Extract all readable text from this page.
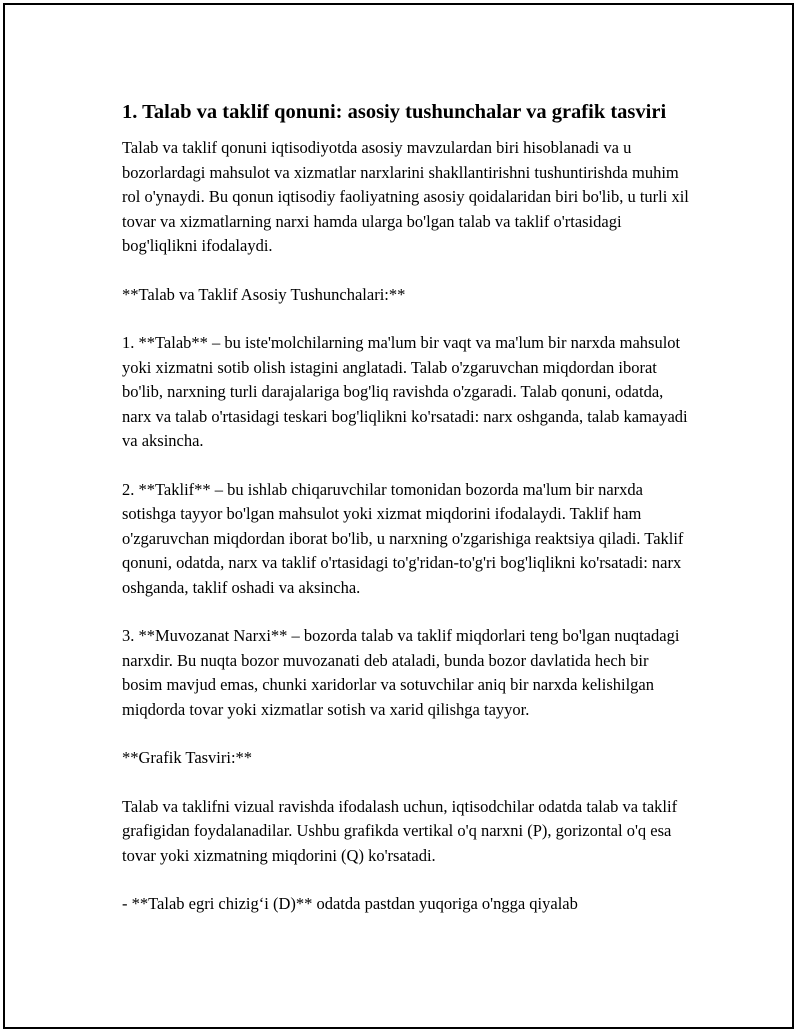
1. Talab va taklif qonuni: asosiy tushunchalar va grafik tasviri

Talab va taklif qonuni iqtisodiyotda asosiy mavzulardan biri hisoblanadi va u bozorlardagi mahsulot va xizmatlar narxlarini shakllantirishni tushuntirishda muhim rol o'ynaydi. Bu qonun iqtisodiy faoliyatning asosiy qoidalaridan biri bo'lib, u turli xil tovar va xizmatlarning narxi hamda ularga bo'lgan talab va taklif o'rtasidagi bog'liqlikni ifodalaydi.

**Talab va Taklif Asosiy Tushunchalari:**

1. **Talab** – bu iste'molchilarning ma'lum bir vaqt va ma'lum bir narxda mahsulot yoki xizmatni sotib olish istagini anglatadi. Talab o'zgaruvchan miqdordan iborat bo'lib, narxning turli darajalariga bog'liq ravishda o'zgaradi. Talab qonuni, odatda, narx va talab o'rtasidagi teskari bog'liqlikni ko'rsatadi: narx oshganda, talab kamayadi va aksincha.

2. **Taklif** – bu ishlab chiqaruvchilar tomonidan bozorda ma'lum bir narxda sotishga tayyor bo'lgan mahsulot yoki xizmat miqdorini ifodalaydi. Taklif ham o'zgaruvchan miqdordan iborat bo'lib, u narxning o'zgarishiga reaktsiya qiladi. Taklif qonuni, odatda, narx va taklif o'rtasidagi to'g'ridan-to'g'ri bog'liqlikni ko'rsatadi: narx oshganda, taklif oshadi va aksincha.

3. **Muvozanat Narxi** – bozorda talab va taklif miqdorlari teng bo'lgan nuqtadagi narxdir. Bu nuqta bozor muvozanati deb ataladi, bunda bozor davlatida hech bir bosim mavjud emas, chunki xaridorlar va sotuvchilar aniq bir narxda kelishilgan miqdorda tovar yoki xizmatlar sotish va xarid qilishga tayyor.

**Grafik Tasviri:**

Talab va taklifni vizual ravishda ifodalash uchun, iqtisodchilar odatda talab va taklif grafigidan foydalanadilar. Ushbu grafikda vertikal o'q narxni (P), gorizontal o'q esa tovar yoki xizmatning miqdorini (Q) ko'rsatadi.

- **Talab egri chizig‘i (D)** odatda pastdan yuqoriga o'ngga qiyalab
